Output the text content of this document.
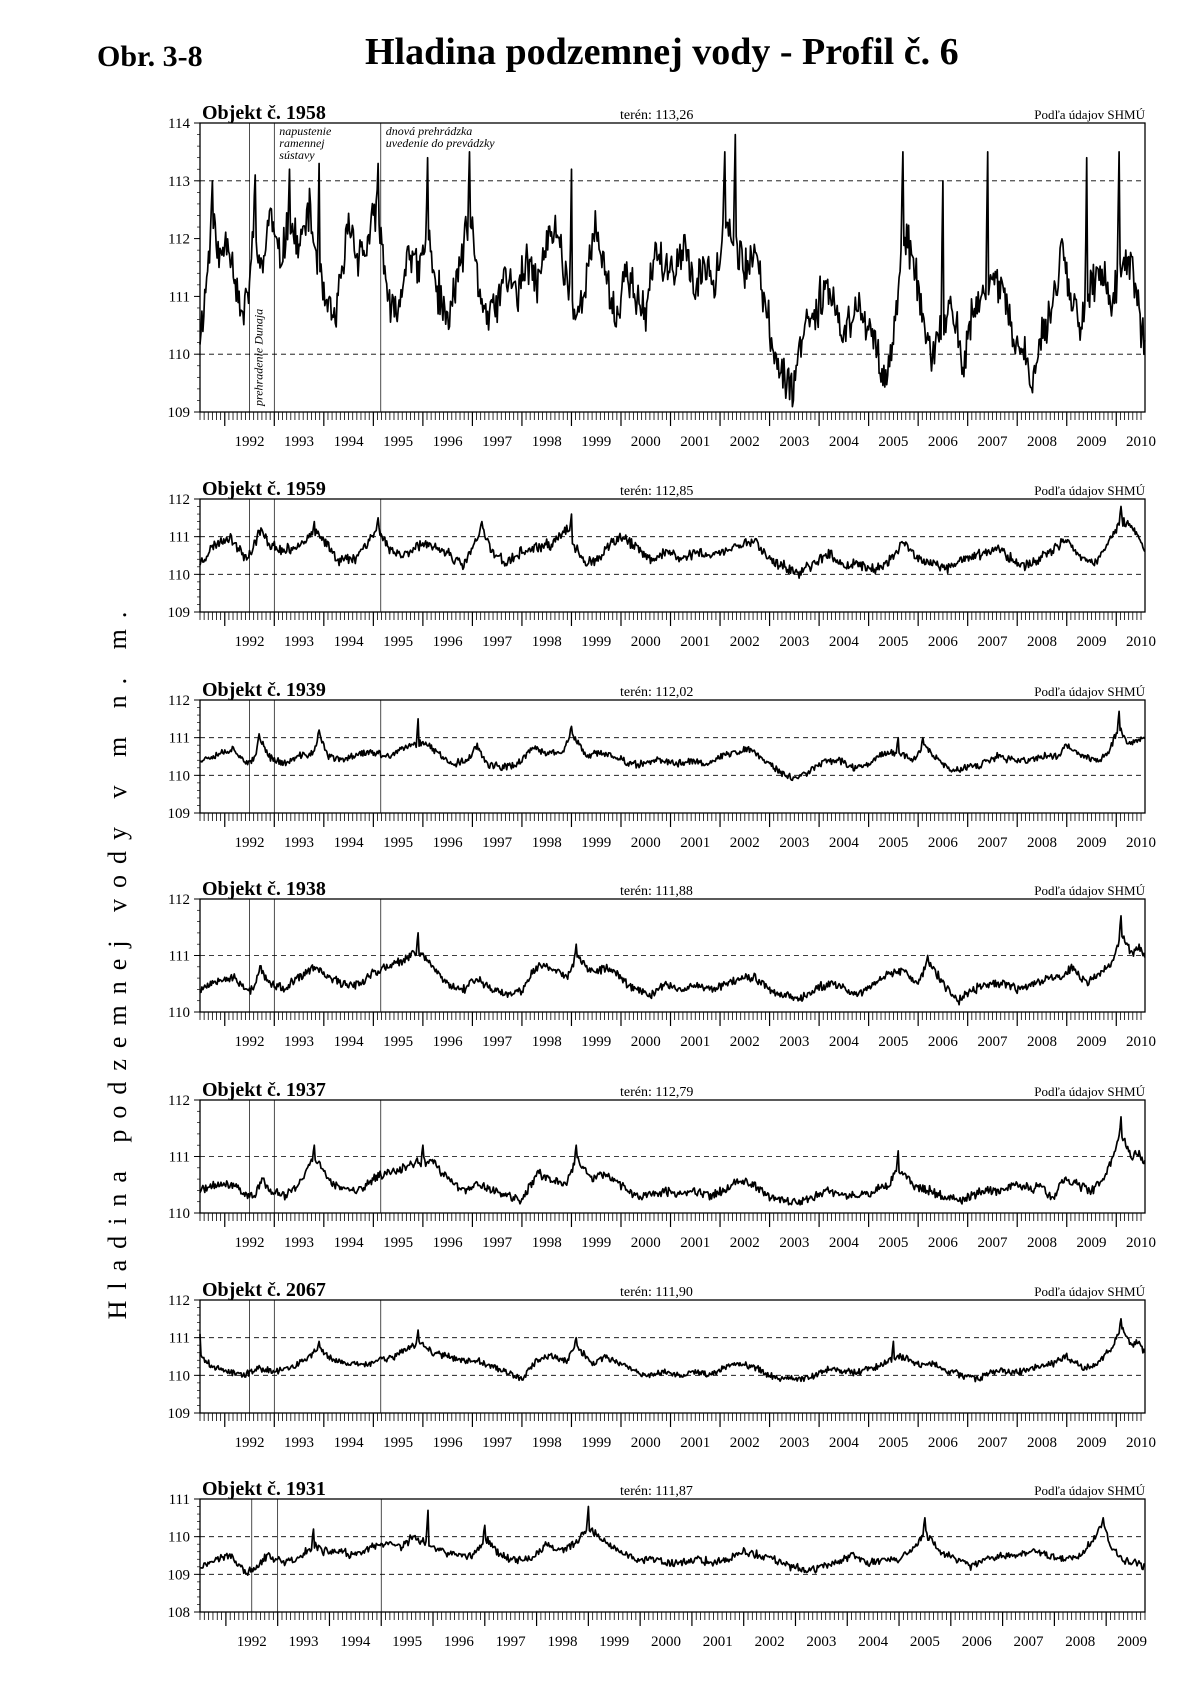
Obr. 3-8	Hladina podzemnej vody - Profil č. 6
Hladina podzemnej vody v m n. m.
Objekt č. 1958	terén: 113,26	Podľa údajov SHMÚ
109
110
111
112
113
114
1992 1993 1994 1995 1996 1997 1998 1999 2000 2001 2002 2003 2004 2005 2006 2007 2008 2009 2010
prehradenie Dunaja
napustenie
ramennej
sústavy
dnová prehrádzka
uvedenie do prevádzky
Objekt č. 1959	terén: 112,85	Podľa údajov SHMÚ
109
110
111
112
1992 1993 1994 1995 1996 1997 1998 1999 2000 2001 2002 2003 2004 2005 2006 2007 2008 2009 2010
Objekt č. 1939	terén: 112,02	Podľa údajov SHMÚ
109
110
111
112
1992 1993 1994 1995 1996 1997 1998 1999 2000 2001 2002 2003 2004 2005 2006 2007 2008 2009 2010
Objekt č. 1938	terén: 111,88	Podľa údajov SHMÚ
110
111
112
1992 1993 1994 1995 1996 1997 1998 1999 2000 2001 2002 2003 2004 2005 2006 2007 2008 2009 2010
Objekt č. 1937	terén: 112,79	Podľa údajov SHMÚ
110
111
112
1992 1993 1994 1995 1996 1997 1998 1999 2000 2001 2002 2003 2004 2005 2006 2007 2008 2009 2010
Objekt č. 2067	terén: 111,90	Podľa údajov SHMÚ
109
110
111
112
1992 1993 1994 1995 1996 1997 1998 1999 2000 2001 2002 2003 2004 2005 2006 2007 2008 2009 2010
Objekt č. 1931	terén: 111,87	Podľa údajov SHMÚ
108
109
110
111
1992 1993 1994 1995 1996 1997 1998 1999 2000 2001 2002 2003 2004 2005 2006 2007 2008 2009
